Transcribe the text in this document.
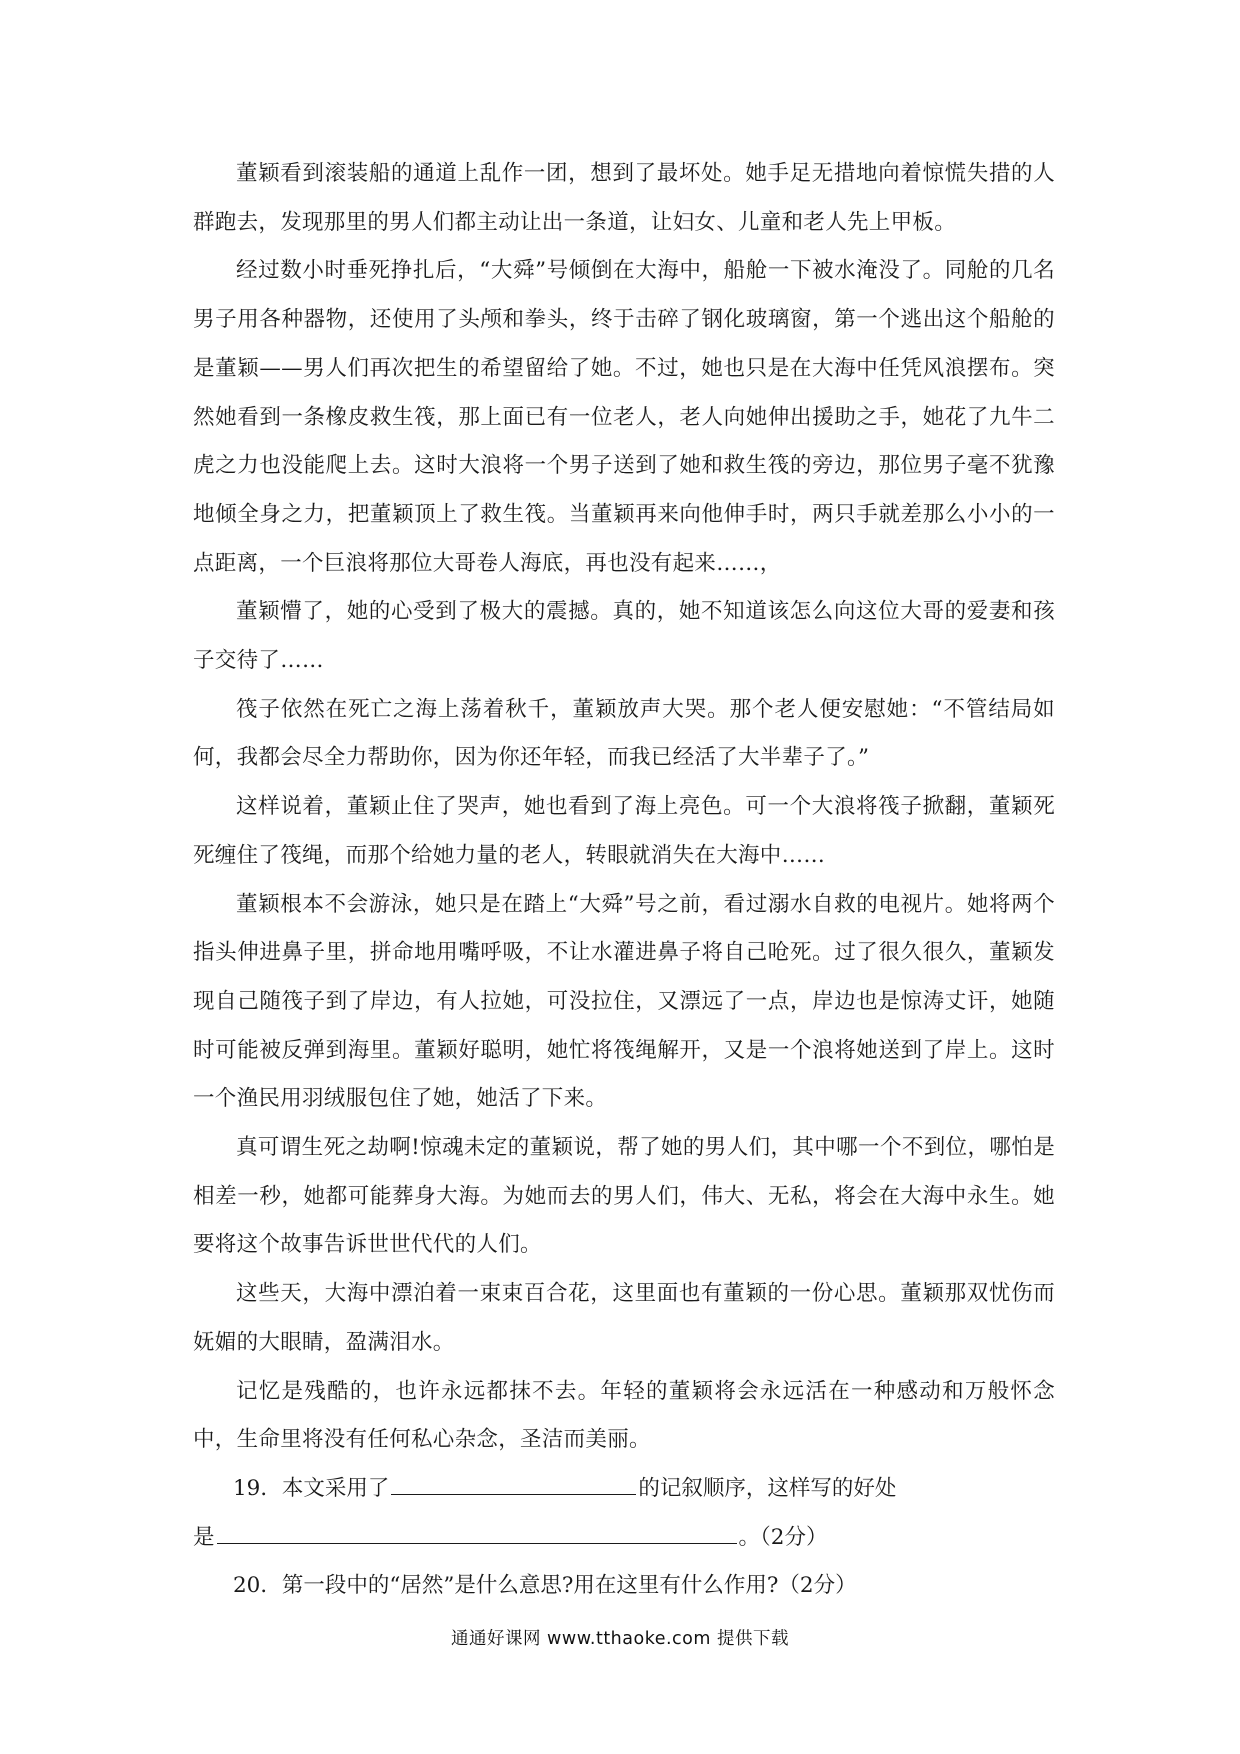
董颖看到滚装船的通道上乱作一团，想到了最坏处。她手足无措地向着惊慌失措的人群跑去，发现那里的男人们都主动让出一条道，让妇女、儿童和老人先上甲板。

经过数小时垂死挣扎后，“大舜”号倾倒在大海中，船舱一下被水淹没了。同舱的几名男子用各种器物，还使用了头颅和拳头，终于击碎了钢化玻璃窗，第一个逃出这个船舱的是董颖——男人们再次把生的希望留给了她。不过，她也只是在大海中任凭风浪摆布。突然她看到一条橡皮救生筏，那上面已有一位老人，老人向她伸出援助之手，她花了九牛二虎之力也没能爬上去。这时大浪将一个男子送到了她和救生筏的旁边，那位男子毫不犹豫地倾全身之力，把董颖顶上了救生筏。当董颖再来向他伸手时，两只手就差那么小小的一点距离，一个巨浪将那位大哥卷人海底，再也没有起来……，

董颖懵了，她的心受到了极大的震撼。真的，她不知道该怎么向这位大哥的爱妻和孩子交待了……

筏子依然在死亡之海上荡着秋千，董颖放声大哭。那个老人便安慰她：“不管结局如何，我都会尽全力帮助你，因为你还年轻，而我已经活了大半辈子了。”

这样说着，董颖止住了哭声，她也看到了海上亮色。可一个大浪将筏子掀翻，董颖死死缠住了筏绳，而那个给她力量的老人，转眼就消失在大海中……

董颖根本不会游泳，她只是在踏上“大舜”号之前，看过溺水自救的电视片。她将两个指头伸进鼻子里，拼命地用嘴呼吸，不让水灌进鼻子将自己呛死。过了很久很久，董颖发现自己随筏子到了岸边，有人拉她，可没拉住，又漂远了一点，岸边也是惊涛丈讦，她随时可能被反弹到海里。董颖好聪明，她忙将筏绳解开，又是一个浪将她送到了岸上。这时一个渔民用羽绒服包住了她，她活了下来。

真可谓生死之劫啊!惊魂未定的董颖说，帮了她的男人们，其中哪一个不到位，哪怕是相差一秒，她都可能葬身大海。为她而去的男人们，伟大、无私，将会在大海中永生。她要将这个故事告诉世世代代的人们。

这些天，大海中漂泊着一束束百合花，这里面也有董颖的一份心思。董颖那双忧伤而妩媚的大眼睛，盈满泪水。

记忆是残酷的，也许永远都抹不去。年轻的董颖将会永远活在一种感动和万般怀念中，生命里将没有任何私心杂念，圣洁而美丽。

19．本文采用了	的记叙顺序，这样写的好处
是	。（2分）
20．第一段中的“居然”是什么意思?用在这里有什么作用?（2分）
通通好课网 www.tthaoke.com 提供下载
